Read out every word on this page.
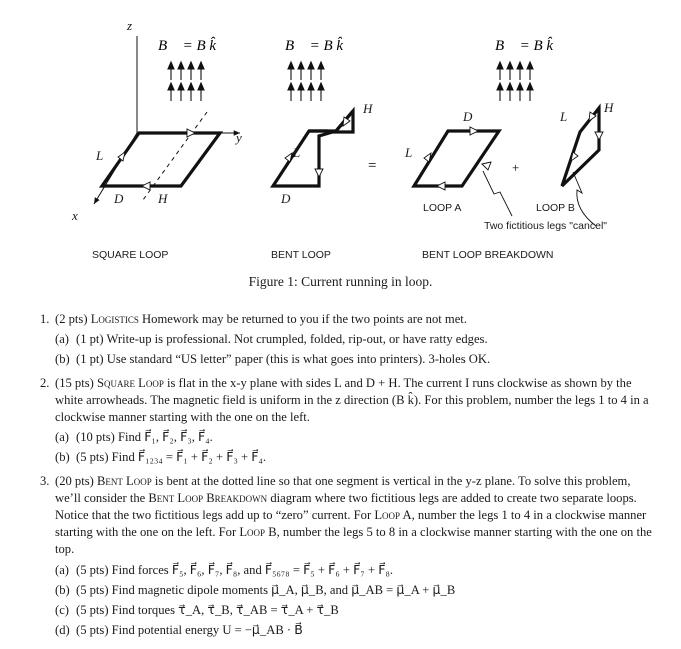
B⃗ = B k̂	B⃗ = B k̂	B⃗ = B k̂
z
y
x
L
D	H
L
H
D
L
D	L
H
=	+
LOOP A	LOOP B
Two fictitious legs "cancel"
SQUARE LOOP	BENT LOOP	BENT LOOP BREAKDOWN
Figure 1: Current running in loop.
1. (2 pts) Logistics Homework may be returned to you if the two points are not met.
(a) (1 pt) Write-up is professional. Not crumpled, folded, rip-out, or have ratty edges.
(b) (1 pt) Use standard “US letter” paper (this is what goes into printers). 3-holes OK.
2. (15 pts) Square Loop is flat in the x-y plane with sides L and D + H. The current I runs clockwise as shown by the white arrowheads. The magnetic field is uniform in the z direction (B k̂). For this problem, number the legs 1 to 4 in a clockwise manner starting with the one on the left.
(a) (10 pts) Find F⃗₁, F⃗₂, F⃗₃, F⃗₄.
(b) (5 pts) Find F⃗₁₂₃₄ = F⃗₁ + F⃗₂ + F⃗₃ + F⃗₄.
3. (20 pts) Bent Loop is bent at the dotted line so that one segment is vertical in the y-z plane. To solve this problem, we’ll consider the Bent Loop Breakdown diagram where two fictitious legs are added to create two separate loops. Notice that the two fictitious legs add up to “zero” current. For Loop A, number the legs 1 to 4 in a clockwise manner starting with the one on the left. For Loop B, number the legs 5 to 8 in a clockwise manner starting with the one on the top.
(a) (5 pts) Find forces F⃗₅, F⃗₆, F⃗₇, F⃗₈, and F⃗₅₆₇₈ = F⃗₅ + F⃗₆ + F⃗₇ + F⃗₈.
(b) (5 pts) Find magnetic dipole moments μ⃗_A, μ⃗_B, and μ⃗_AB = μ⃗_A + μ⃗_B
(c) (5 pts) Find torques τ⃗_A, τ⃗_B, τ⃗_AB = τ⃗_A + τ⃗_B
(d) (5 pts) Find potential energy U = −μ⃗_AB · B⃗
